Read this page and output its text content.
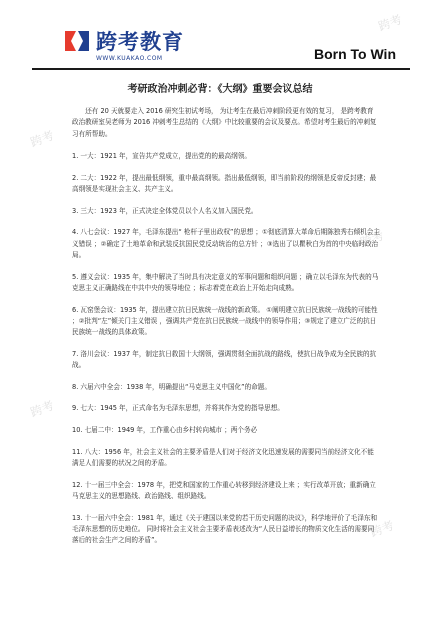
跨考教育
WWW.KUAKAO.COM	Born To Win
跨考
跨考
跨考
跨考
跨考
考研政治冲刺必背：《大纲》重要会议总结

还有 20 天就要走入 2016 研究生初试考场， 为让考生在最后冲刺阶段更有效的复习， 是跨考教育政治教研室吴老师为 2016 冲刺考生总结的《大纲》中比较重要的会议及要点。希望对考生最后的冲刺复习有所帮助。

1. 一大：1921 年，宣告共产党成立，提出党的的最高纲领。

2. 二大：1922 年，提出最低纲领，重申最高纲领。指出最低纲领，即当前阶段的纲领是反帝反封建；最高纲领是实现社会主义、共产主义。

3. 三大：1923 年，正式决定全体党员以个人名义加入国民党。

4. 八七会议：1927 年，毛泽东提出“ 枪杆子里出政权”的思想 ；①彻底清算大革命后期陈独秀右倾机会主义错误 ；②确定了土地革命和武装反抗国民党反动统治的总方针 ；③选出了以瞿秋白为首的中央临时政治局。

5. 遵义会议：1935 年，集中解决了当时具有决定意义的军事问题和组织问题 ；确立以毛泽东为代表的马克思主义正确路线在中共中央的领导地位 ；标志着党在政治上开始走向成熟。

6. 瓦窑堡会议：1935 年，提出建立抗日民族统一战线的新政策。 ①阐明建立抗日民族统一战线的可能性 ；②批判“左”倾关门主义错误 ，强调共产党在抗日民族统一战线中的领导作用；③规定了建立广泛的抗日民族统一战线的具体政策。

7. 洛川会议：1937 年，制定抗日救国十大纲领，强调贯彻全面抗战的路线，使抗日战争成为全民族的抗战。

8. 六届六中全会：1938 年，明确提出“马克思主义中国化”的命题。

9. 七大：1945 年，正式命名为毛泽东思想，并将其作为党的指导思想。

10. 七届二中：1949 年，工作重心由乡村转向城市 ；两个务必

11. 八大：1956 年，社会主义社会的主要矛盾是人们对于经济文化迅速发展的需要同当前经济文化不能满足人们需要的状况之间的矛盾。

12. 十一届三中全会：1978 年，把党和国家的工作重心转移到经济建设上来 ；实行改革开放；重新确立马克思主义的思想路线、政治路线、组织路线。

13. 十一届六中全会：1981 年，通过《关于建国以来党的若干历史问题的决议》，科学地评价了毛泽东和毛泽东思想的历史地位。 同时将社会主义社会主要矛盾表述改为“人民日益增长的物质文化生活的需要同落后的社会生产之间的矛盾”。
